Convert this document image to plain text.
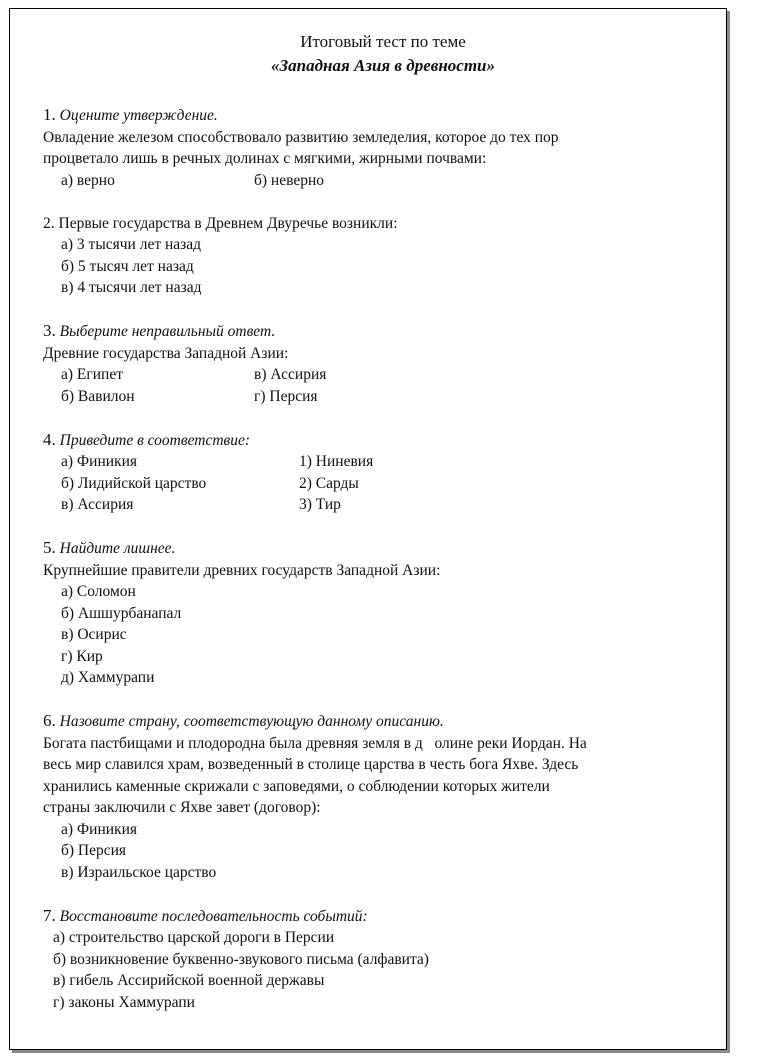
Итоговый тест по теме
«Западная Азия в древности»
1. Оцените утверждение.
Овладение железом способствовало развитию земледелия, которое до тех пор
процветало лишь в речных долинах с мягкими, жирными почвами:
а) верно	б) неверно
2. Первые государства в Древнем Двуречье возникли:
а) 3 тысячи лет назад
б) 5 тысяч лет назад
в) 4 тысячи лет назад
3. Выберите неправильный ответ.
Древние государства Западной Азии:
а) Египет	в) Ассирия
б) Вавилон	г) Персия
4. Приведите в соответствие:
а) Финикия	1) Ниневия
б) Лидийской царство	2) Сарды
в) Ассирия	3) Тир
5. Найдите лишнее.
Крупнейшие правители древних государств Западной Азии:
а) Соломон
б) Ашшурбанапал
в) Осирис
г) Кир
д) Хаммурапи
6. Назовите страну, соответствующую данному описанию.
Богата пастбищами и плодородна была древняя земля в д   олине реки Иордан. На
весь мир славился храм, возведенный в столице царства в честь бога Яхве. Здесь
хранились каменные скрижали с заповедями, о соблюдении которых жители
страны заключили с Яхве завет (договор):
а) Финикия
б) Персия
в) Израильское царство
7. Восстановите последовательность событий:
а) строительство царской дороги в Персии
б) возникновение буквенно-звукового письма (алфавита)
в) гибель Ассирийской военной державы
г) законы Хаммурапи
